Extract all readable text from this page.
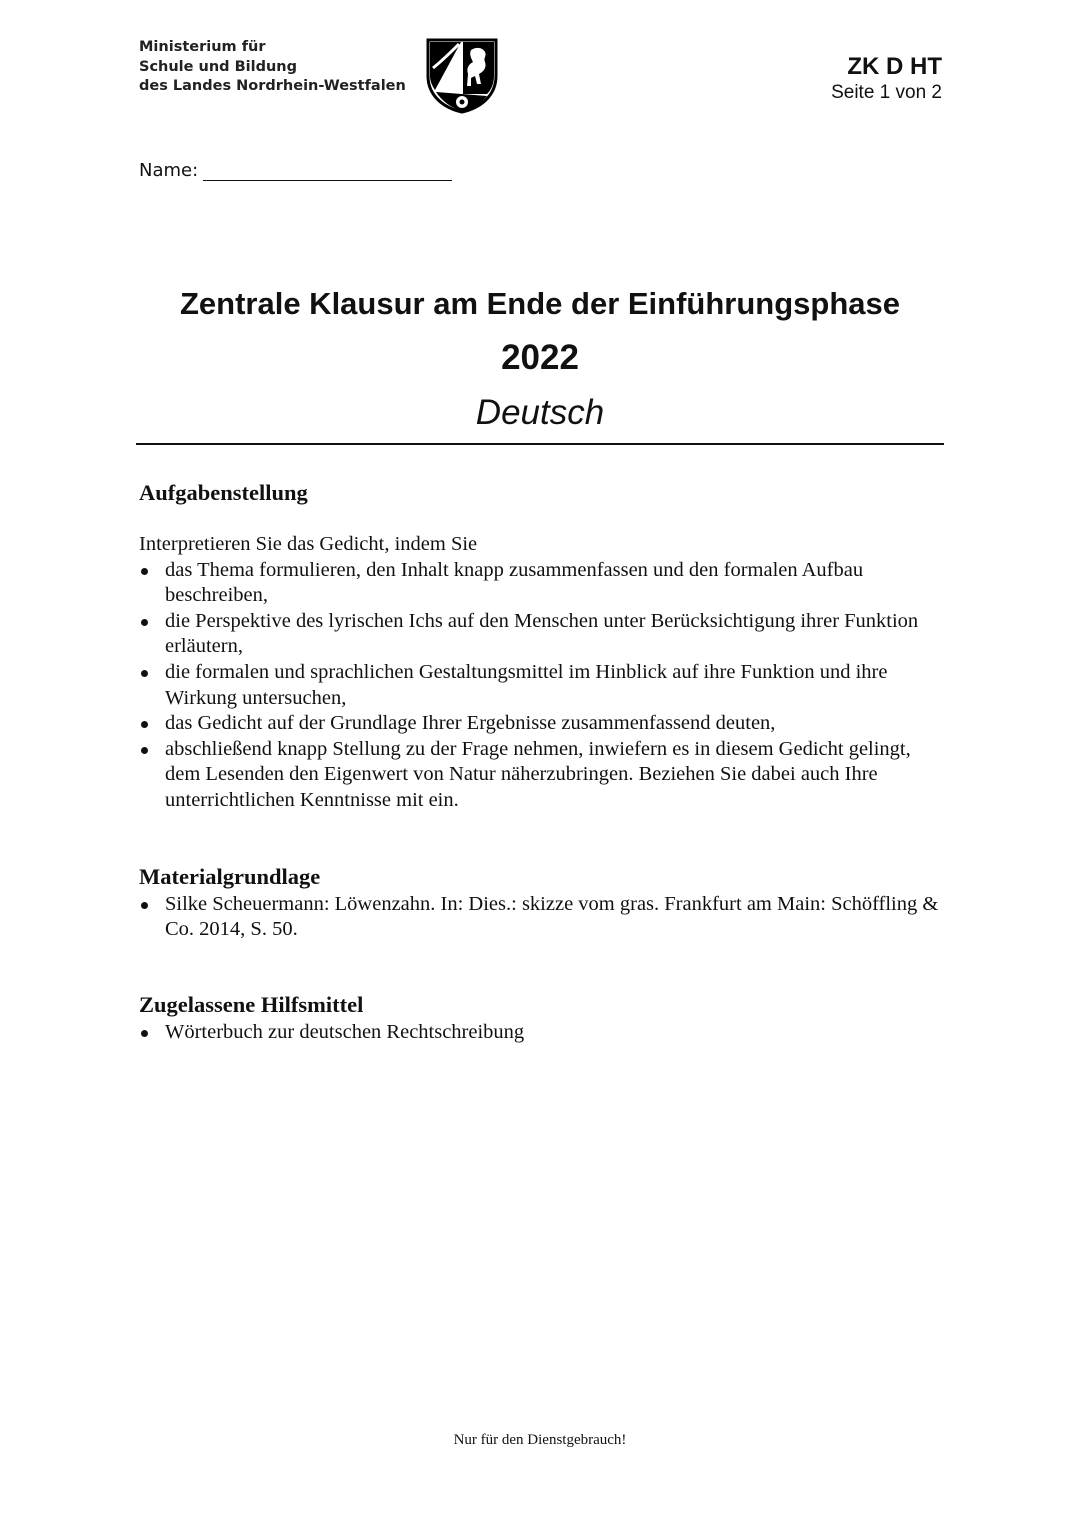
Ministerium für
Schule und Bildung
des Landes Nordrhein-Westfalen
ZK D HT
Seite 1 von 2
Name:
Zentrale Klausur am Ende der Einführungsphase
2022
Deutsch
Aufgabenstellung
Interpretieren Sie das Gedicht, indem Sie
das Thema formulieren, den Inhalt knapp zusammenfassen und den formalen Aufbau beschreiben,
die Perspektive des lyrischen Ichs auf den Menschen unter Berücksichtigung ihrer Funktion erläutern,
die formalen und sprachlichen Gestaltungsmittel im Hinblick auf ihre Funktion und ihre Wirkung untersuchen,
das Gedicht auf der Grundlage Ihrer Ergebnisse zusammenfassend deuten,
abschließend knapp Stellung zu der Frage nehmen, inwiefern es in diesem Gedicht gelingt, dem Lesenden den Eigenwert von Natur näherzubringen. Beziehen Sie dabei auch Ihre unterrichtlichen Kenntnisse mit ein.
Materialgrundlage
Silke Scheuermann: Löwenzahn. In: Dies.: skizze vom gras. Frankfurt am Main: Schöffling & Co. 2014, S. 50.
Zugelassene Hilfsmittel
Wörterbuch zur deutschen Rechtschreibung
Nur für den Dienstgebrauch!
